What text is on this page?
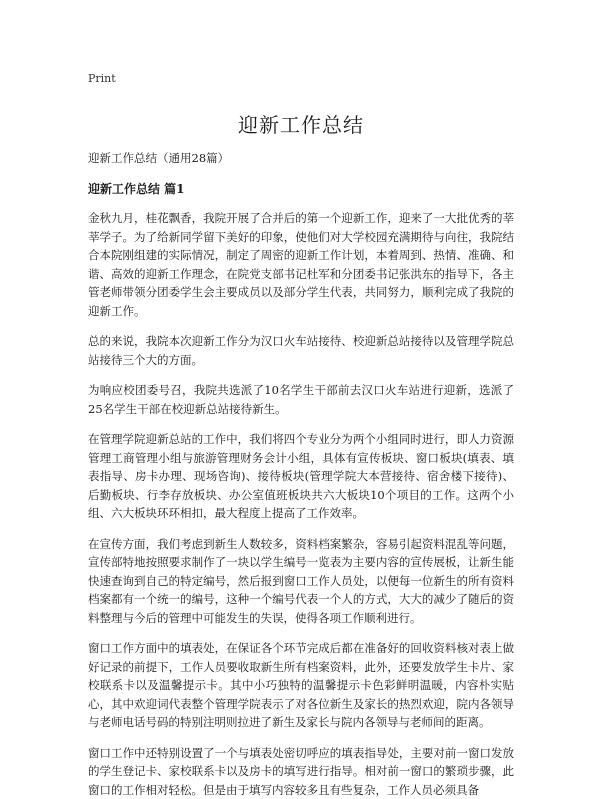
Print
迎新工作总结
迎新工作总结（通用28篇）
迎新工作总结 篇1

金秋九月，桂花飘香，我院开展了合并后的第一个迎新工作，迎来了一大批优秀的莘莘学子。为了给新同学留下美好的印象，使他们对大学校园充满期待与向往，我院结合本院刚组建的实际情况，制定了周密的迎新工作计划，本着周到、热情、准确、和谐、高效的迎新工作理念，在院党支部书记杜军和分团委书记张洪东的指导下，各主管老师带领分团委学生会主要成员以及部分学生代表，共同努力，顺利完成了我院的迎新工作。

总的来说，我院本次迎新工作分为汉口火车站接待、校迎新总站接待以及管理学院总站接待三个大的方面。

为响应校团委号召，我院共选派了10名学生干部前去汉口火车站进行迎新，选派了25名学生干部在校迎新总站接待新生。

在管理学院迎新总站的工作中，我们将四个专业分为两个小组同时进行，即人力资源管理工商管理小组与旅游管理财务会计小组，具体有宣传板块、窗口板块(填表、填表指导、房卡办理、现场咨询)、接待板块(管理学院大本营接待、宿舍楼下接待)、后勤板块、行李存放板块、办公室值班板块共六大板块10个项目的工作。这两个小组、六大板块环环相扣，最大程度上提高了工作效率。

在宣传方面，我们考虑到新生人数较多，资料档案繁杂，容易引起资料混乱等问题，宣传部特地按照要求制作了一块以学生编号一览表为主要内容的宣传展板，让新生能快速查询到自己的特定编号，然后报到窗口工作人员处，以便每一位新生的所有资料档案都有一个统一的编号，这种一个编号代表一个人的方式，大大的减少了随后的资料整理与今后的管理中可能发生的失误，使得各项工作顺利进行。

窗口工作方面中的填表处，在保证各个环节完成后都在准备好的回收资料核对表上做好记录的前提下，工作人员要收取新生所有档案资料，此外，还要发放学生卡片、家校联系卡以及温馨提示卡。其中小巧独特的温馨提示卡色彩鲜明温暖，内容朴实贴心，其中欢迎词代表整个管理学院表示了对各位新生及家长的热烈欢迎，院内各领导与老师电话号码的特别注明则拉进了新生及家长与院内各领导与老师间的距离。

窗口工作中还特别设置了一个与填表处密切呼应的填表指导处，主要对前一窗口发放的学生登记卡、家校联系卡以及房卡的填写进行指导。相对前一窗口的繁琐步骤，此窗口的工作相对轻松。但是由于填写内容较多且有些复杂，工作人员必须具备
